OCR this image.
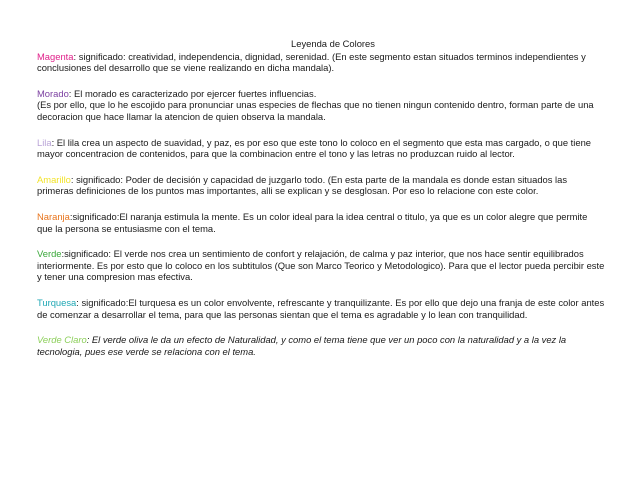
Leyenda de Colores

Magenta: significado: creatividad, independencia, dignidad, serenidad. (En este segmento estan situados terminos independientes y conclusiones del desarrollo que se viene realizando en dicha mandala).

Morado: El morado es caracterizado por ejercer fuertes influencias.
(Es por ello, que lo he escojido para pronunciar unas especies de flechas que no tienen ningun contenido dentro, forman parte de una decoracion que hace llamar la atencion de quien observa la mandala.

Lila: El lila crea un aspecto de suavidad, y paz, es por eso que este tono lo coloco en el segmento que esta mas cargado, o que tiene mayor concentracion de contenidos, para que la combinacion entre el tono y las letras no produzcan ruido al lector.

Amarillo: significado: Poder de decisión y capacidad de juzgarlo todo. (En esta parte de la mandala es donde estan situados las primeras definiciones de los puntos mas importantes, alli se explican y se desglosan. Por eso lo relacione con este color.

Naranja:significado:El naranja estimula la mente. Es un color ideal para la idea central o titulo, ya que es un color alegre que permite que la persona se entusiasme con el tema.

Verde:significado: El verde nos crea un sentimiento de confort y relajación, de calma y paz interior, que nos hace sentir equilibrados interiormente. Es por esto que lo coloco en los subtitulos (Que son Marco Teorico y Metodologico). Para que el lector pueda percibir este y tener una compresion mas efectiva.

Turquesa: significado:El turquesa es un color envolvente, refrescante y tranquilizante. Es por ello que dejo una franja de este color antes de comenzar a desarrollar el tema, para que las personas sientan que el tema es agradable y lo lean con tranquilidad.

Verde Claro: El verde oliva le da un efecto de Naturalidad, y como el tema tiene que ver un poco con la naturalidad y a la vez la tecnologia, pues ese verde se relaciona con el tema.
